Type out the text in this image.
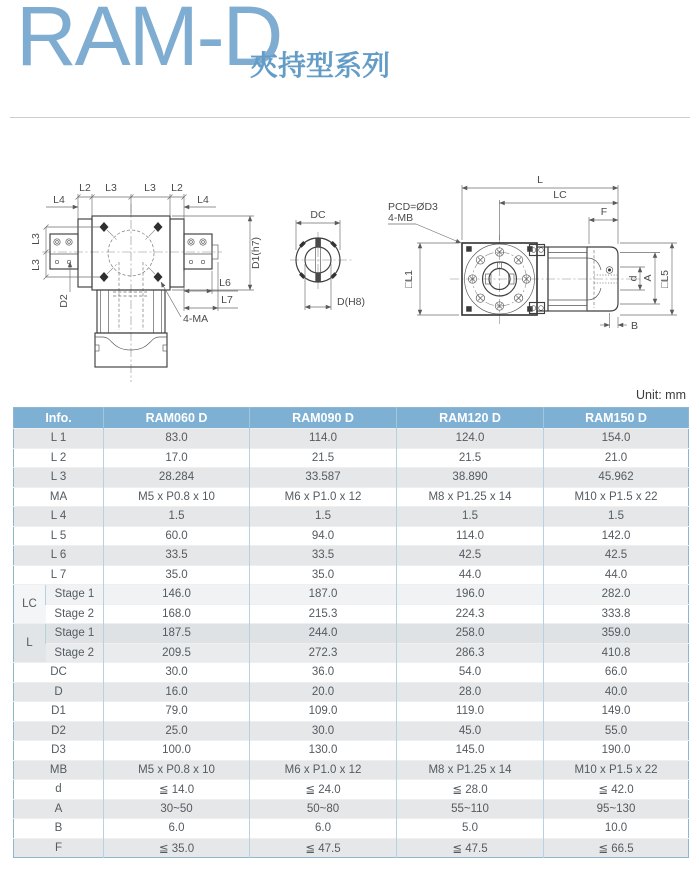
RAM-D
夾持型系列
L2 L3	L3 L2
L4	L4
L3
L3
D2
D1(h7)
L6
L7
4-MA
DC
D(H8)
L
LC
F
PCD=ØD3
4-MB
□L1	d A □L5
B
Unit: mm
Info.		RAM060 D	RAM090 D	RAM120 D	RAM150 D
L 1		83.0	114.0	124.0	154.0
L 2		17.0	21.5	21.5	21.0
L 3		28.284	33.587	38.890	45.962
MA		M5 x P0.8 x 10	M6 x P1.0 x 12	M8 x P1.25 x 14	M10 x P1.5 x 22
L 4		1.5	1.5	1.5	1.5
L 5		60.0	94.0	114.0	142.0
L 6		33.5	33.5	42.5	42.5
L 7		35.0	35.0	44.0	44.0
LC	Stage 1	146.0	187.0	196.0	282.0
	Stage 2	168.0	215.3	224.3	333.8
L	Stage 1	187.5	244.0	258.0	359.0
	Stage 2	209.5	272.3	286.3	410.8
DC		30.0	36.0	54.0	66.0
D		16.0	20.0	28.0	40.0
D1		79.0	109.0	119.0	149.0
D2		25.0	30.0	45.0	55.0
D3		100.0	130.0	145.0	190.0
MB		M5 x P0.8 x 10	M6 x P1.0 x 12	M8 x P1.25 x 14	M10 x P1.5 x 22
d		≦ 14.0	≦ 24.0	≦ 28.0	≦ 42.0
A		30~50	50~80	55~110	95~130
B		6.0	6.0	5.0	10.0
F		≦ 35.0	≦ 47.5	≦ 47.5	≦ 66.5
